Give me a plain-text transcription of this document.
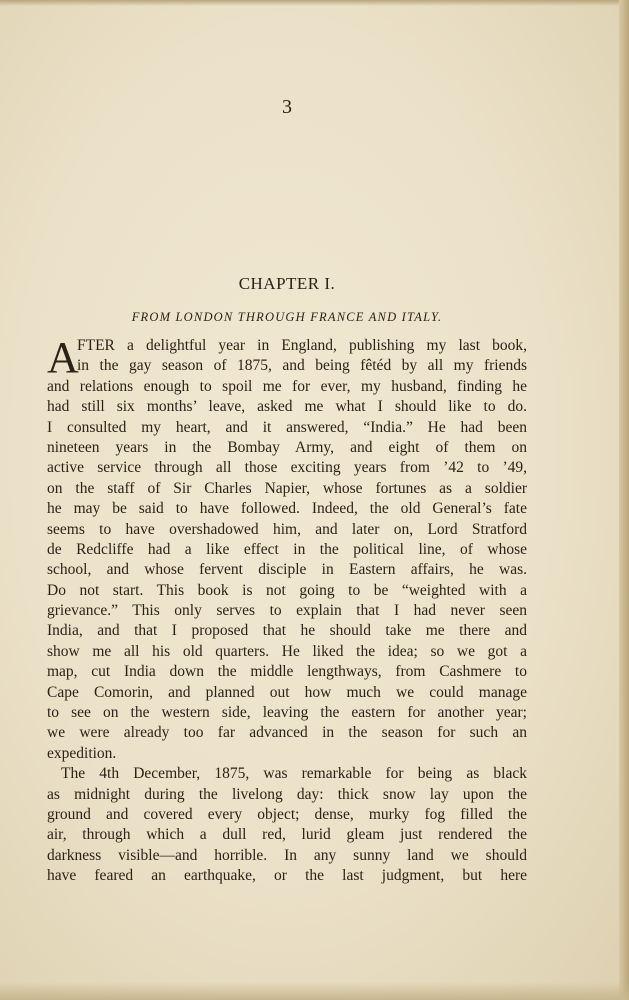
3
CHAPTER I.
FROM LONDON THROUGH FRANCE AND ITALY.
A
FTER a delightful year in England, publishing my last book,
in the gay season of 1875, and being fêtéd by all my friends
and relations enough to spoil me for ever, my husband, finding he
had still six months’ leave, asked me what I should like to do.
I consulted my heart, and it answered, “India.” He had been
nineteen years in the Bombay Army, and eight of them on
active service through all those exciting years from ’42 to ’49,
on the staff of Sir Charles Napier, whose fortunes as a soldier
he may be said to have followed. Indeed, the old General’s fate
seems to have overshadowed him, and later on, Lord Stratford
de Redcliffe had a like effect in the political line, of whose
school, and whose fervent disciple in Eastern affairs, he was.
Do not start. This book is not going to be “weighted with a
grievance.” This only serves to explain that I had never seen
India, and that I proposed that he should take me there and
show me all his old quarters. He liked the idea; so we got a
map, cut India down the middle lengthways, from Cashmere to
Cape Comorin, and planned out how much we could manage
to see on the western side, leaving the eastern for another year;
we were already too far advanced in the season for such an
expedition.
The 4th December, 1875, was remarkable for being as black
as midnight during the livelong day: thick snow lay upon the
ground and covered every object; dense, murky fog filled the
air, through which a dull red, lurid gleam just rendered the
darkness visible—and horrible. In any sunny land we should
have feared an earthquake, or the last judgment, but here
